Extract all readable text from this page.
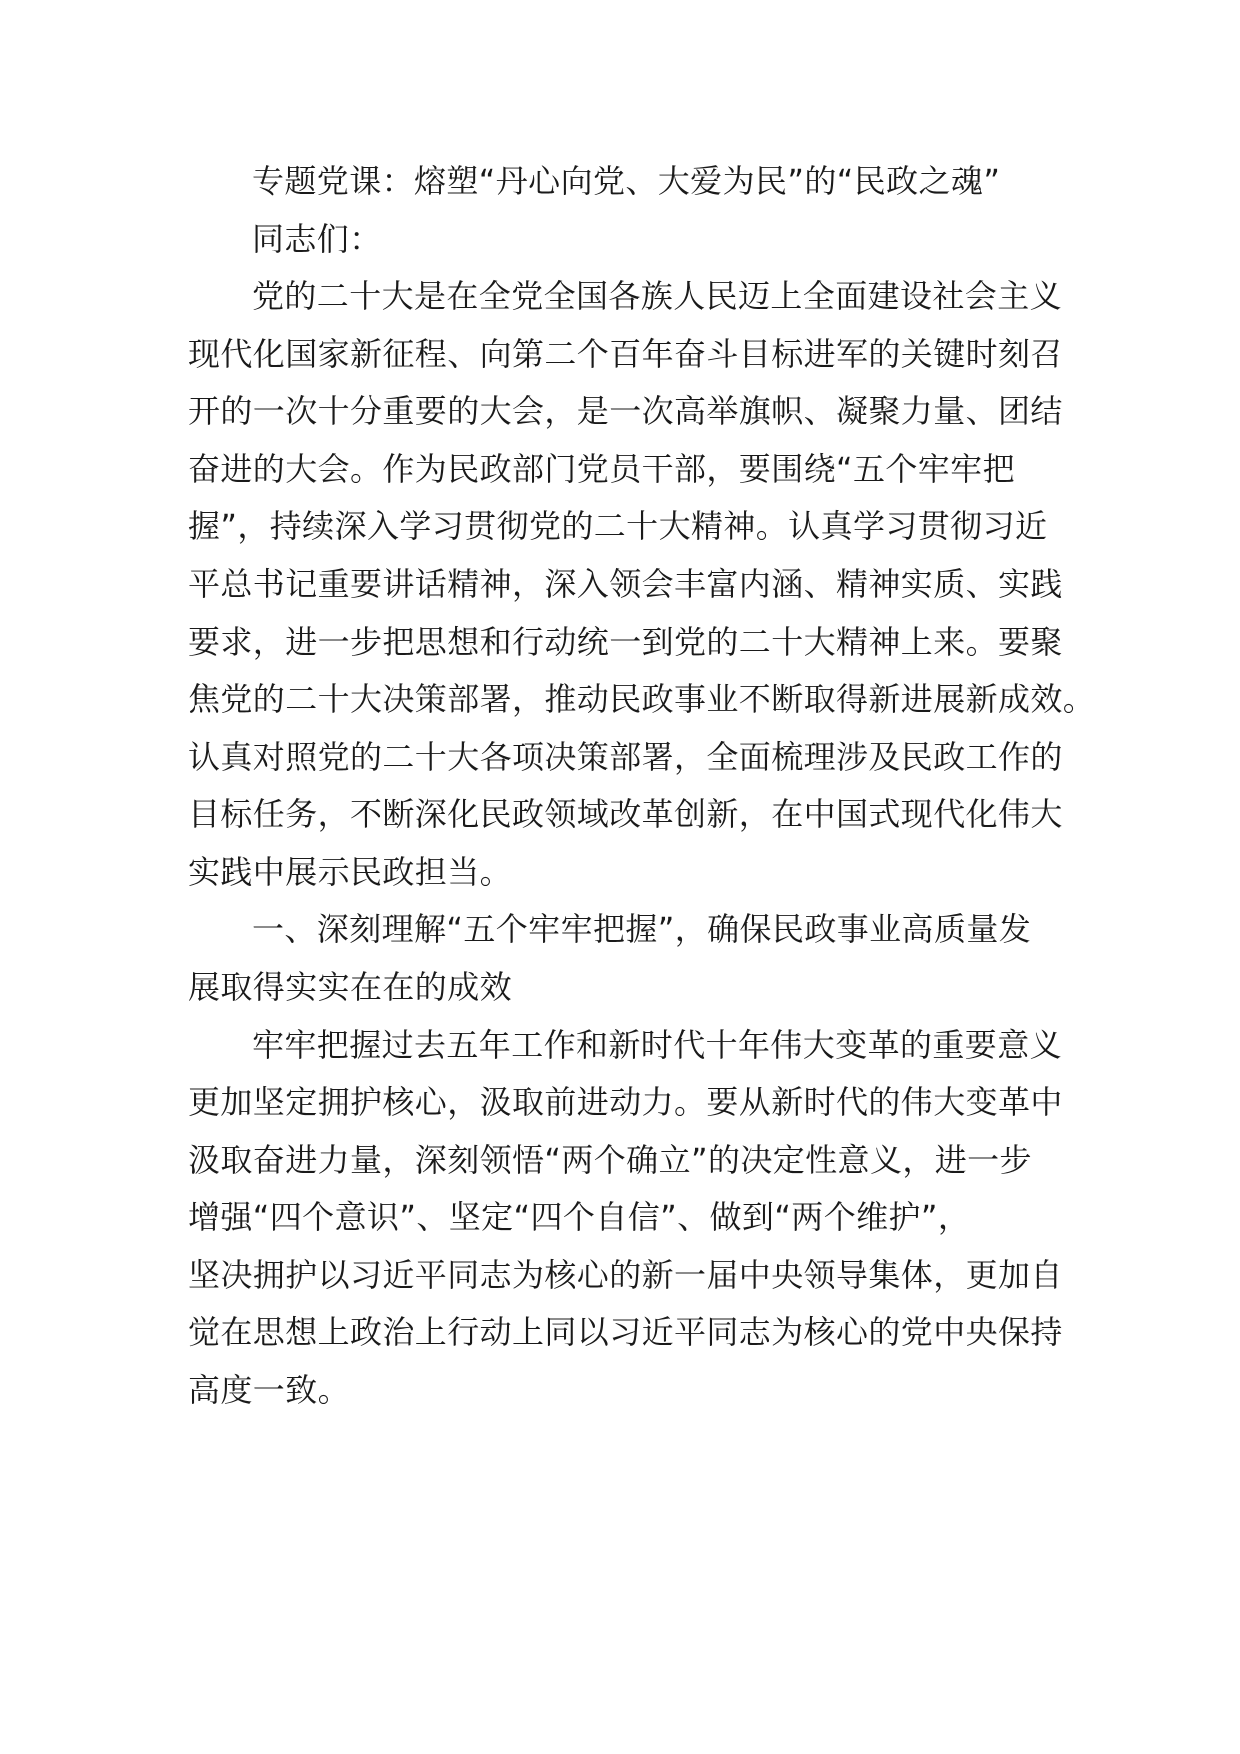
专题党课：熔塑“丹心向党、大爱为民”的“民政之魂”
同志们：
党的二十大是在全党全国各族人民迈上全面建设社会主义
现代化国家新征程、向第二个百年奋斗目标进军的关键时刻召
开的一次十分重要的大会，是一次高举旗帜、凝聚力量、团结
奋进的大会。作为民政部门党员干部，要围绕“五个牢牢把
握”，持续深入学习贯彻党的二十大精神。认真学习贯彻习近
平总书记重要讲话精神，深入领会丰富内涵、精神实质、实践
要求，进一步把思想和行动统一到党的二十大精神上来。要聚
焦党的二十大决策部署，推动民政事业不断取得新进展新成效。
认真对照党的二十大各项决策部署，全面梳理涉及民政工作的
目标任务，不断深化民政领域改革创新，在中国式现代化伟大
实践中展示民政担当。
一、深刻理解“五个牢牢把握”，确保民政事业高质量发
展取得实实在在的成效
牢牢把握过去五年工作和新时代十年伟大变革的重要意义
更加坚定拥护核心，汲取前进动力。要从新时代的伟大变革中
汲取奋进力量，深刻领悟“两个确立”的决定性意义，进一步
增强“四个意识”、坚定“四个自信”、做到“两个维护”，
坚决拥护以习近平同志为核心的新一届中央领导集体，更加自
觉在思想上政治上行动上同以习近平同志为核心的党中央保持
高度一致。
